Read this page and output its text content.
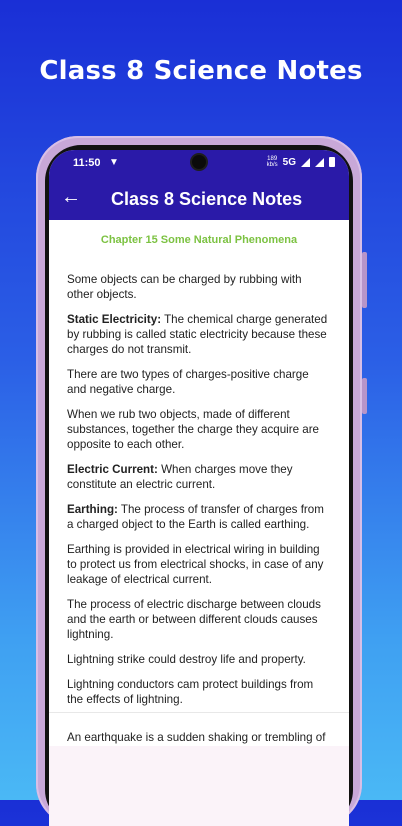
Class 8 Science Notes
11:50 ▼	189
kb/s 5G
← Class 8 Science Notes
Chapter 15 Some Natural Phenomena

Some objects can be charged by rubbing with other objects.

Static Electricity: The chemical charge generated by rubbing is called static electricity because these charges do not transmit.

There are two types of charges-positive charge and negative charge.

When we rub two objects, made of different substances, together the charge they acquire are opposite to each other.

Electric Current: When charges move they constitute an electric current.

Earthing: The process of transfer of charges from a charged object to the Earth is called earthing.

Earthing is provided in electrical wiring in building to protect us from electrical shocks, in case of any leakage of electrical current.

The process of electric discharge between clouds and the earth or between different clouds causes lightning.

Lightning strike could destroy life and property.

Lightning conductors cam protect buildings from the effects of lightning.

An earthquake is a sudden shaking or trembling of
